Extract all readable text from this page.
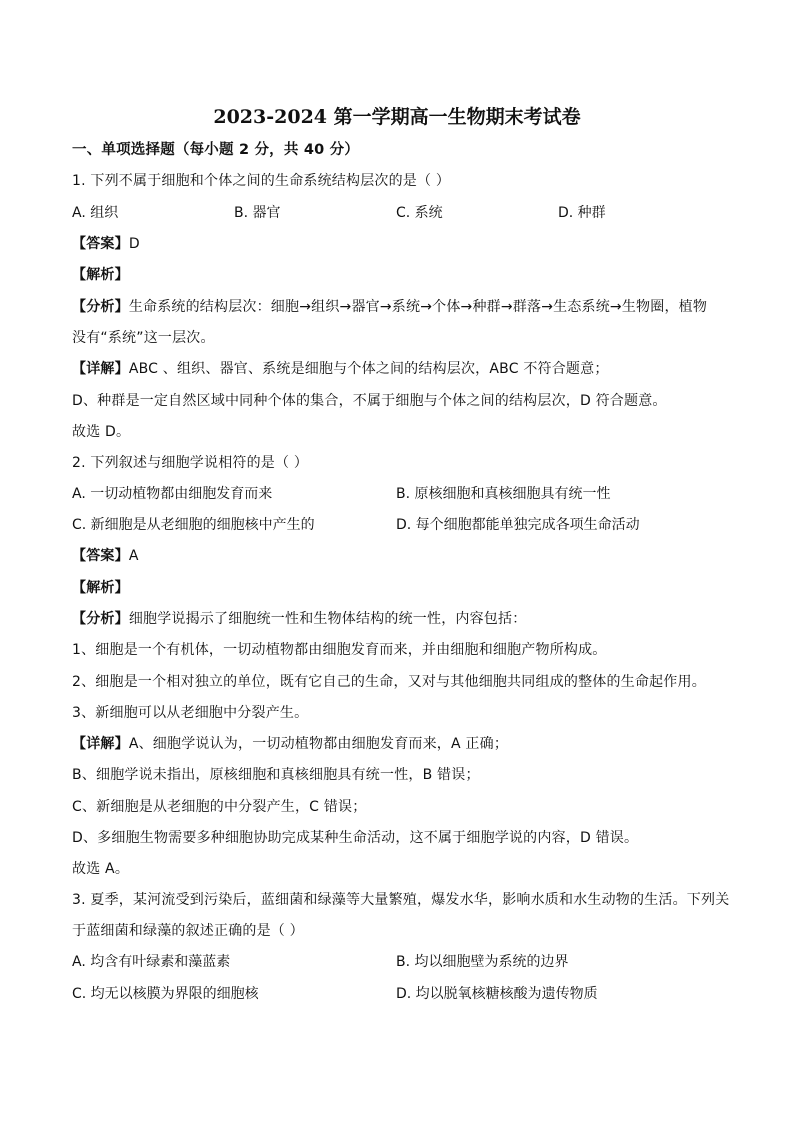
2023-2024 第一学期高一生物期末考试卷
一、单项选择题（每小题 2 分，共 40 分）
1. 下列不属于细胞和个体之间的生命系统结构层次的是（ ）
A. 组织	B. 器官	C. 系统	D. 种群
【答案】D
【解析】
【分析】生命系统的结构层次：细胞→组织→器官→系统→个体→种群→群落→生态系统→生物圈，植物
没有“系统”这一层次。
【详解】ABC 、组织、器官、系统是细胞与个体之间的结构层次，ABC 不符合题意；
D、种群是一定自然区域中同种个体的集合，不属于细胞与个体之间的结构层次，D 符合题意。
故选 D。
2. 下列叙述与细胞学说相符的是（ ）
A. 一切动植物都由细胞发育而来	B. 原核细胞和真核细胞具有统一性
C. 新细胞是从老细胞的细胞核中产生的	D. 每个细胞都能单独完成各项生命活动
【答案】A
【解析】
【分析】细胞学说揭示了细胞统一性和生物体结构的统一性，内容包括：
1、细胞是一个有机体，一切动植物都由细胞发育而来，并由细胞和细胞产物所构成。
2、细胞是一个相对独立的单位，既有它自己的生命，又对与其他细胞共同组成的整体的生命起作用。
3、新细胞可以从老细胞中分裂产生。
【详解】A、细胞学说认为，一切动植物都由细胞发育而来，A 正确；
B、细胞学说未指出，原核细胞和真核细胞具有统一性，B 错误；
C、新细胞是从老细胞的中分裂产生，C 错误；
D、多细胞生物需要多种细胞协助完成某种生命活动，这不属于细胞学说的内容，D 错误。
故选 A。
3. 夏季，某河流受到污染后，蓝细菌和绿藻等大量繁殖，爆发水华，影响水质和水生动物的生活。下列关
于蓝细菌和绿藻的叙述正确的是（ ）
A. 均含有叶绿素和藻蓝素	B. 均以细胞壁为系统的边界
C. 均无以核膜为界限的细胞核	D. 均以脱氧核糖核酸为遗传物质
